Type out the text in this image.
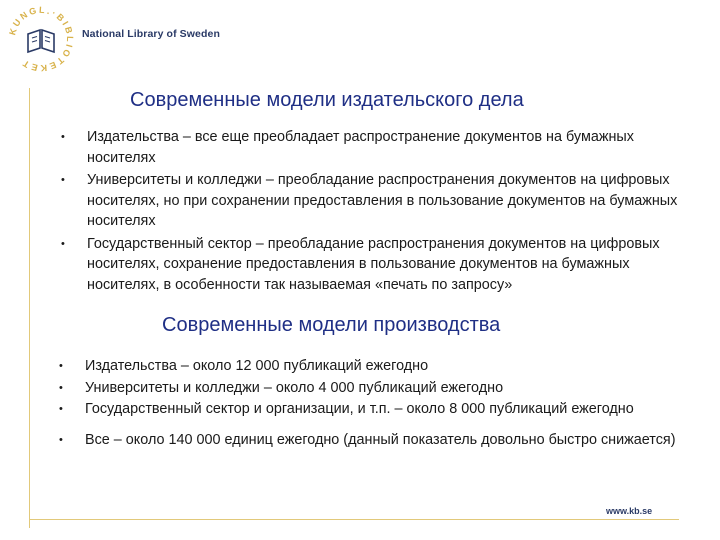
KUNGL.·BIBLIOTEKET
National Library of Sweden
Современные модели издательского дела
• Издательства – все еще преобладает распространение документов на бумажных носителях
• Университеты и колледжи – преобладание распространения документов на цифровых носителях, но при сохранении предоставления в пользование документов на бумажных носителях
• Государственный сектор – преобладание распространения документов на цифровых носителях, сохранение предоставления в пользование документов на бумажных носителях, в особенности так называемая «печать по запросу»
Современные модели производства
• Издательства – около 12 000 публикаций ежегодно
• Университеты и колледжи – около 4 000 публикаций ежегодно
• Государственный сектор и организации, и т.п. – около 8 000 публикаций ежегодно
• Все – около 140 000 единиц ежегодно (данный показатель довольно быстро снижается)
www.kb.se
